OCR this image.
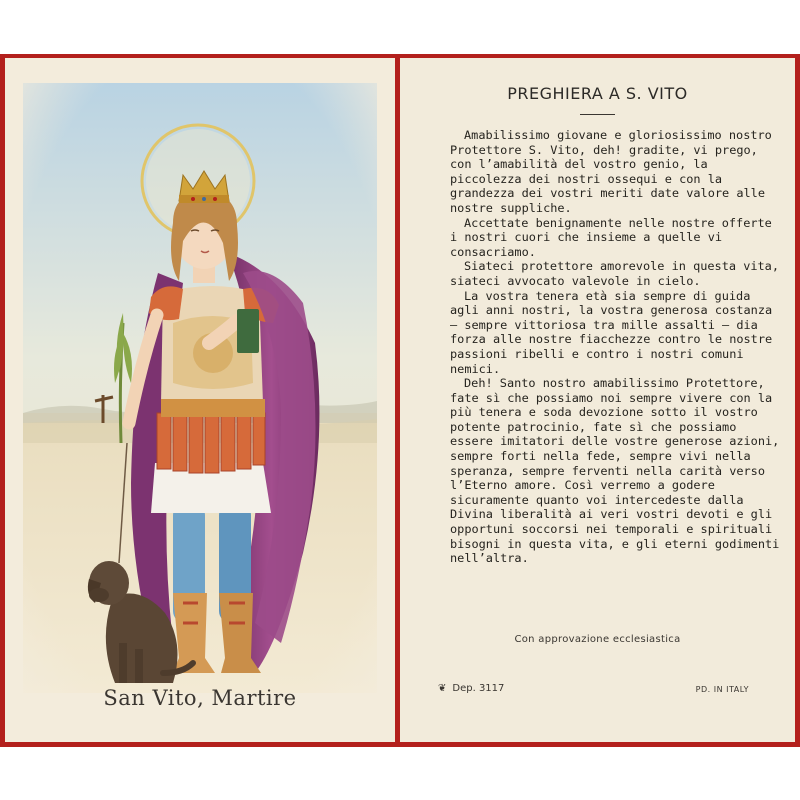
San Vito, Martire
PREGHIERA A S. VITO

Amabilissimo giovane e gloriosissimo nostro Protettore S. Vito, deh! gradite, vi prego, con l’amabilità del vostro genio, la piccolezza dei nostri ossequi e con la grandezza dei vostri meriti date valore alle nostre suppliche.

Accettate benignamente nelle nostre offerte i nostri cuori che insieme a quelle vi consacriamo.

Siateci protettore amorevole in questa vita, siateci avvocato valevole in cielo.

La vostra tenera età sia sempre di guida agli anni nostri, la vostra generosa costanza — sempre vittoriosa tra mille assalti — dia forza alle nostre fiacchezze contro le nostre passioni ribelli e contro i nostri comuni nemici.

Deh! Santo nostro amabilissimo Protettore, fate sì che possiamo noi sempre vivere con la più tenera e soda devozione sotto il vostro potente patrocinio, fate sì che possiamo essere imitatori delle vostre generose azioni, sempre forti nella fede, sempre vivi nella speranza, sempre ferventi nella carità verso l’Eterno amore. Così verremo a godere sicuramente quanto voi intercedeste dalla Divina liberalità ai veri vostri devoti e gli opportuni soccorsi nei temporali e spirituali bisogni in questa vita, e gli eterni godimenti nell’altra.

Con approvazione ecclesiastica
❦ Dep. 3117	PD. IN ITALY
